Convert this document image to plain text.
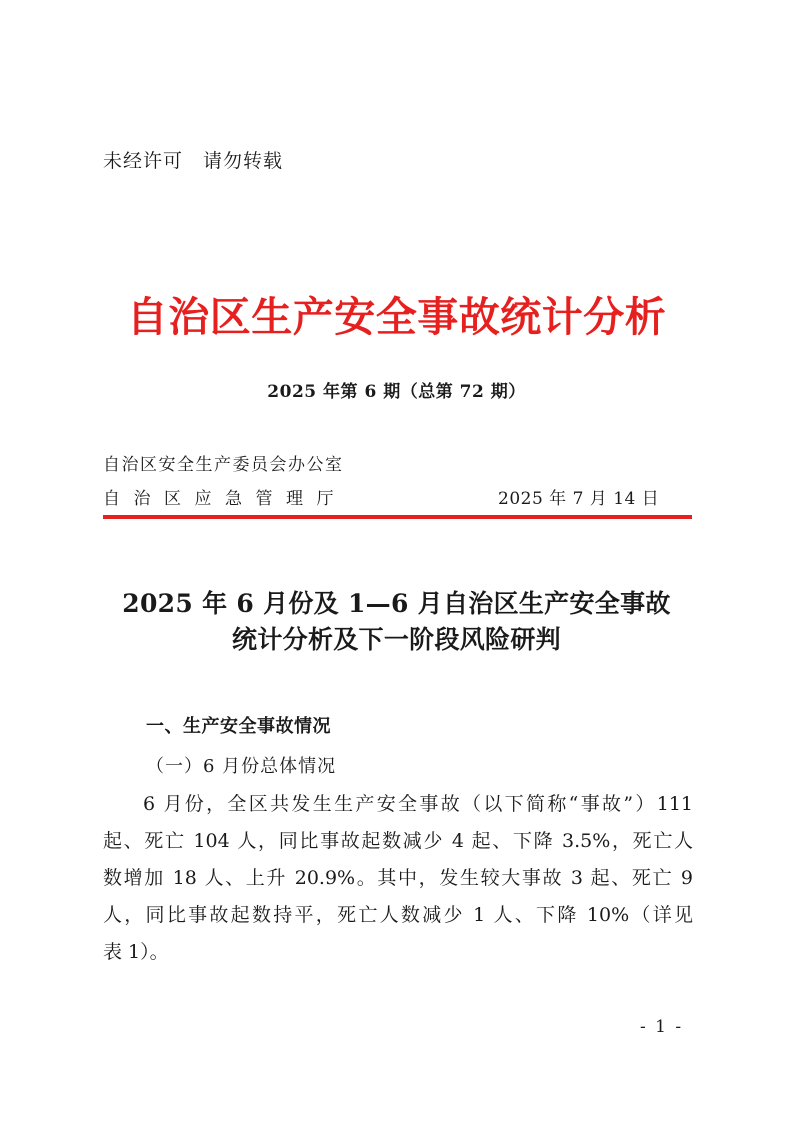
未经许可　请勿转载
自治区生产安全事故统计分析
2025 年第 6 期（总第 72 期）
自治区安全生产委员会办公室
自治区应急管理厅	2025 年 7 月 14 日
2025 年 6 月份及 1—6 月自治区生产安全事故
统计分析及下一阶段风险研判
一、生产安全事故情况
（一）6 月份总体情况
6 月份，全区共发生生产安全事故（以下简称“事故”）111
起、死亡 104 人，同比事故起数减少 4 起、下降 3.5%，死亡人
数增加 18 人、上升 20.9%。其中，发生较大事故 3 起、死亡 9
人，同比事故起数持平，死亡人数减少 1 人、下降 10%（详见
表 1）。
- 1 -
